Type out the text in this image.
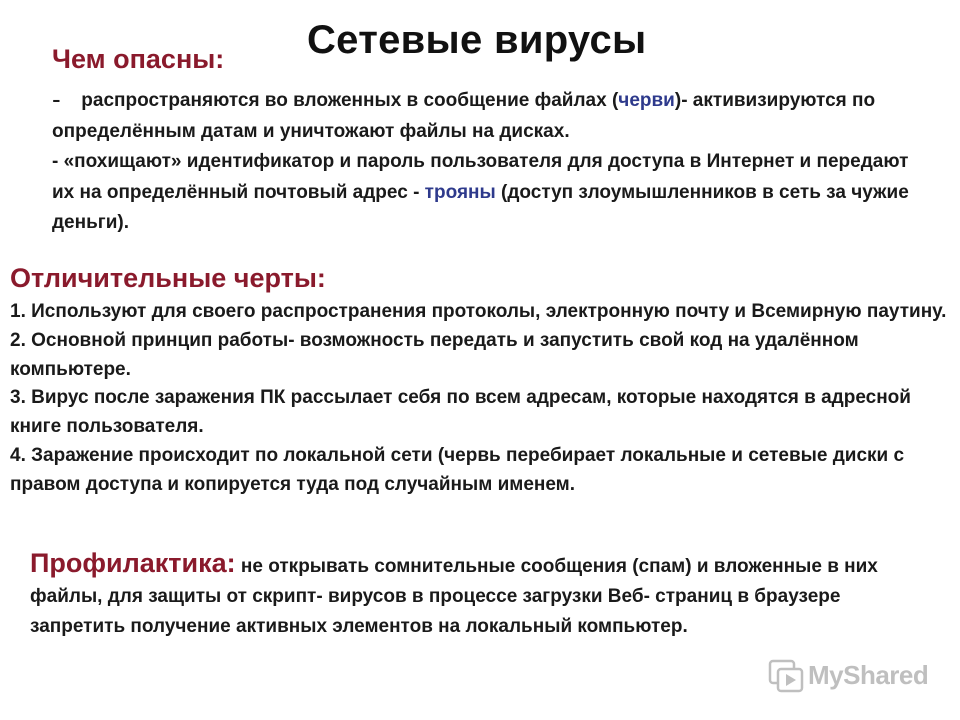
Сетевые вирусы
Чем опасны:
- распространяются во вложенных в сообщение файлах (черви)- активизируются по определённым датам и уничтожают файлы на дисках.
- «похищают» идентификатор и пароль пользователя для доступа в Интернет и передают их на определённый почтовый адрес - трояны (доступ злоумышленников в сеть за чужие деньги).
Отличительные черты:

1. Используют для своего распространения протоколы, электронную почту и Всемирную паутину.

2. Основной принцип работы- возможность передать и запустить свой код на удалённом компьютере.

3. Вирус после заражения ПК рассылает себя по всем адресам, которые находятся в адресной книге пользователя.

4. Заражение происходит по локальной сети (червь перебирает локальные и сетевые диски с правом доступа и копируется туда под случайным именем.

Профилактика: не открывать сомнительные сообщения (спам) и вложенные в них файлы, для защиты от скрипт- вирусов в процессе загрузки Веб- страниц в браузере запретить получение активных элементов на локальный компьютер.
MyShared
